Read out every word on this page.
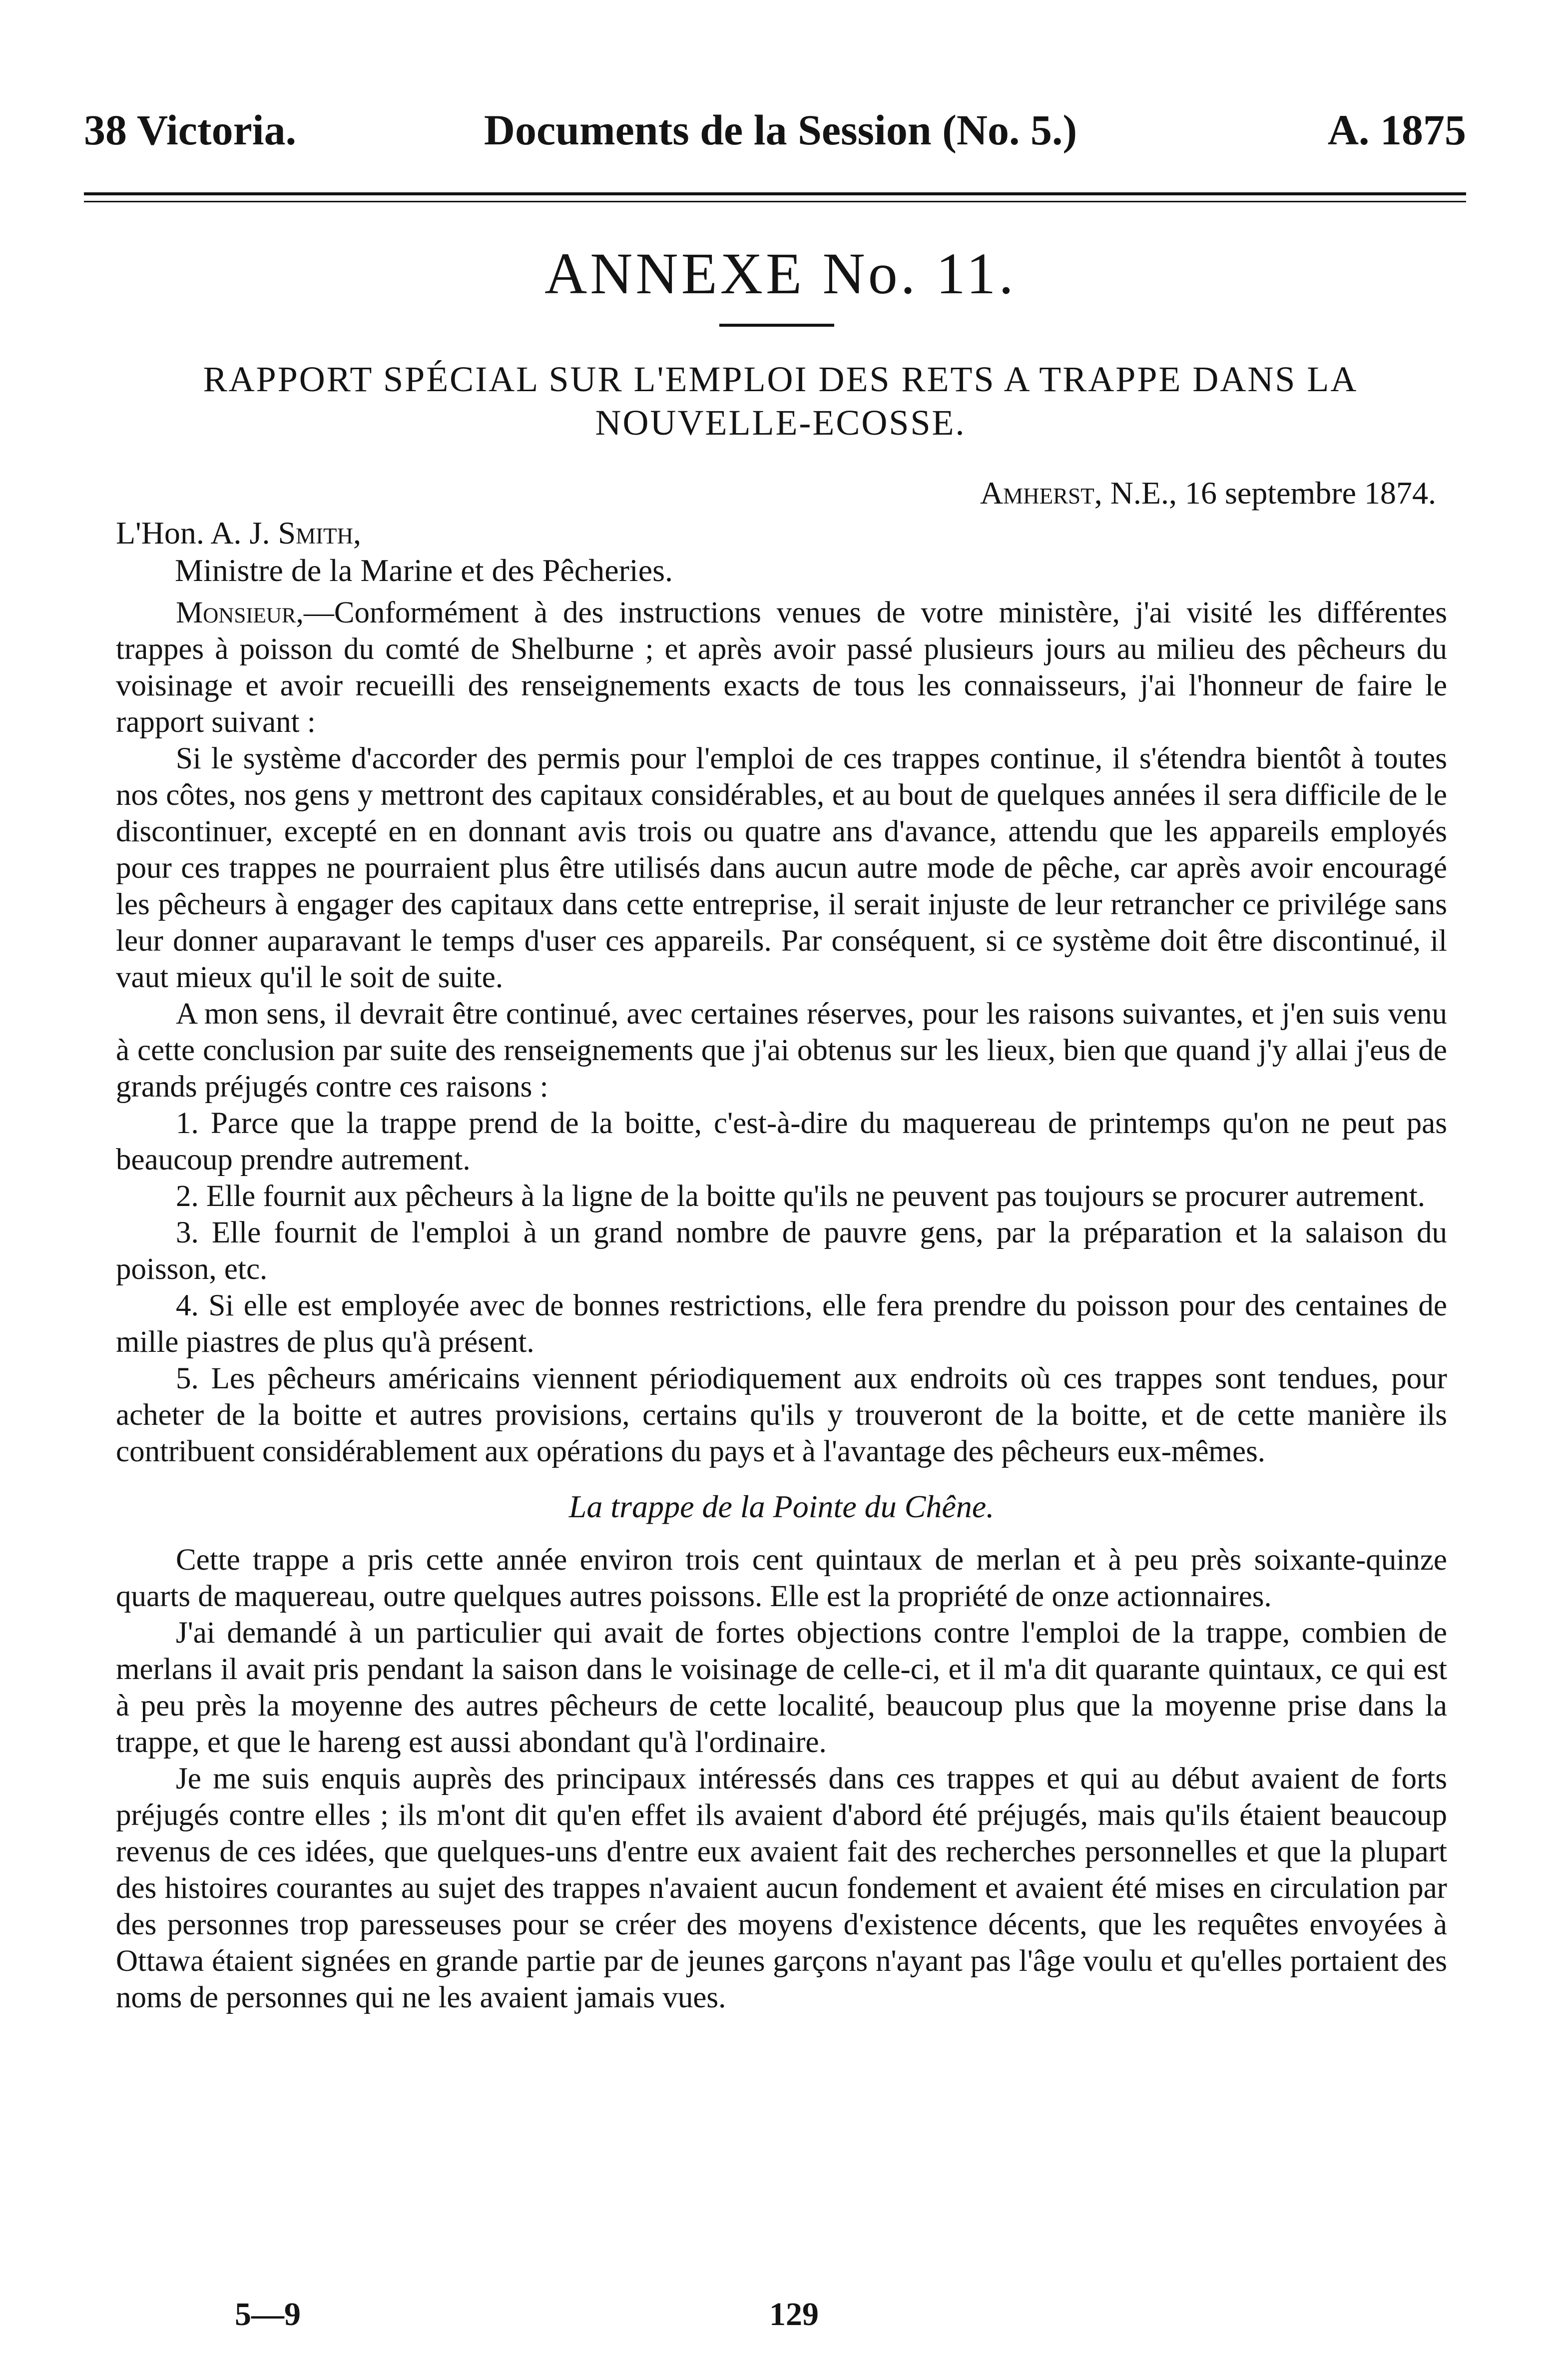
38 Victoria.	Documents de la Session (No. 5.)	A. 1875
ANNEXE No. 11.
RAPPORT SPÉCIAL SUR L'EMPLOI DES RETS A TRAPPE DANS LA
NOUVELLE-ECOSSE.
Amherst, N.E., 16 septembre 1874.
L'Hon. A. J. Smith,
Ministre de la Marine et des Pêcheries.

Monsieur,—Conformément à des instructions venues de votre ministère, j'ai visité les différentes trappes à poisson du comté de Shelburne ; et après avoir passé plusieurs jours au milieu des pêcheurs du voisinage et avoir recueilli des renseignements exacts de tous les connaisseurs, j'ai l'honneur de faire le rapport suivant :

Si le système d'accorder des permis pour l'emploi de ces trappes continue, il s'étendra bientôt à toutes nos côtes, nos gens y mettront des capitaux considérables, et au bout de quelques années il sera difficile de le discontinuer, excepté en en donnant avis trois ou quatre ans d'avance, attendu que les appareils employés pour ces trappes ne pourraient plus être utilisés dans aucun autre mode de pêche, car après avoir encouragé les pêcheurs à engager des capitaux dans cette entreprise, il serait injuste de leur retrancher ce privilége sans leur donner auparavant le temps d'user ces appareils. Par conséquent, si ce système doit être discontinué, il vaut mieux qu'il le soit de suite.

A mon sens, il devrait être continué, avec certaines réserves, pour les raisons suivantes, et j'en suis venu à cette conclusion par suite des renseignements que j'ai obtenus sur les lieux, bien que quand j'y allai j'eus de grands préjugés contre ces raisons :

1. Parce que la trappe prend de la boitte, c'est-à-dire du maquereau de printemps qu'on ne peut pas beaucoup prendre autrement.

2. Elle fournit aux pêcheurs à la ligne de la boitte qu'ils ne peuvent pas toujours se procurer autrement.

3. Elle fournit de l'emploi à un grand nombre de pauvre gens, par la préparation et la salaison du poisson, etc.

4. Si elle est employée avec de bonnes restrictions, elle fera prendre du poisson pour des centaines de mille piastres de plus qu'à présent.

5. Les pêcheurs américains viennent périodiquement aux endroits où ces trappes sont tendues, pour acheter de la boitte et autres provisions, certains qu'ils y trouveront de la boitte, et de cette manière ils contribuent considérablement aux opérations du pays et à l'avantage des pêcheurs eux-mêmes.

La trappe de la Pointe du Chêne.

Cette trappe a pris cette année environ trois cent quintaux de merlan et à peu près soixante-quinze quarts de maquereau, outre quelques autres poissons. Elle est la propriété de onze actionnaires.

J'ai demandé à un particulier qui avait de fortes objections contre l'emploi de la trappe, combien de merlans il avait pris pendant la saison dans le voisinage de celle-ci, et il m'a dit quarante quintaux, ce qui est à peu près la moyenne des autres pêcheurs de cette localité, beaucoup plus que la moyenne prise dans la trappe, et que le hareng est aussi abondant qu'à l'ordinaire.

Je me suis enquis auprès des principaux intéressés dans ces trappes et qui au début avaient de forts préjugés contre elles ; ils m'ont dit qu'en effet ils avaient d'abord été préjugés, mais qu'ils étaient beaucoup revenus de ces idées, que quelques-uns d'entre eux avaient fait des recherches personnelles et que la plupart des histoires courantes au sujet des trappes n'avaient aucun fondement et avaient été mises en circulation par des personnes trop paresseuses pour se créer des moyens d'existence décents, que les requêtes envoyées à Ottawa étaient signées en grande partie par de jeunes garçons n'ayant pas l'âge voulu et qu'elles portaient des noms de personnes qui ne les avaient jamais vues.

5—9	129
